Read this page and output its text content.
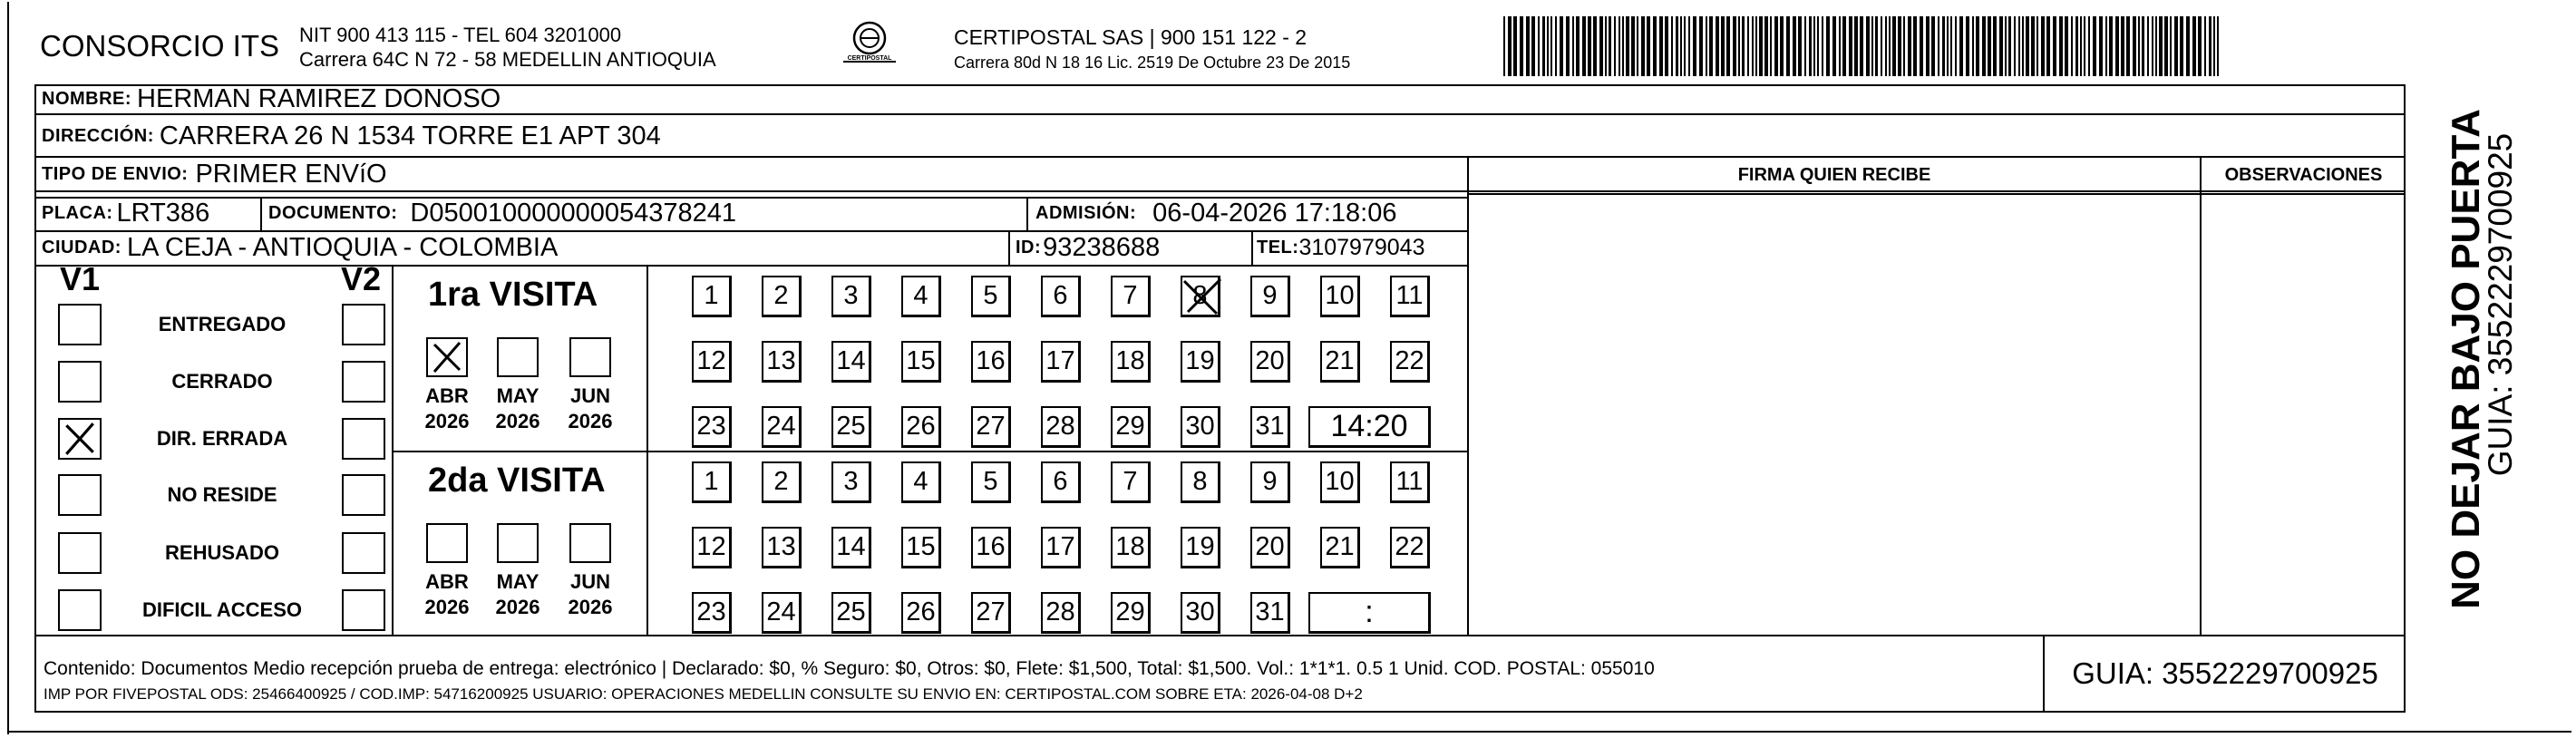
CONSORCIO ITS NIT 900 413 115 - TEL 604 3201000
Carrera 64C N 72 - 58 MEDELLIN ANTIOQUIA	CERTIPOSTAL
CERTIPOSTAL SAS | 900 151 122 - 2
Carrera 80d N 18 16 Lic. 2519 De Octubre 23 De 2015
NOMBRE: HERMAN RAMIREZ DONOSO
DIRECCIÓN: CARRERA 26 N 1534 TORRE E1 APT 304
TIPO DE ENVIO: PRIMER ENVíO	FIRMA QUIEN RECIBE	OBSERVACIONES
PLACA: LRT386	DOCUMENTO: D050010000000054378241	ADMISIÓN: 06-04-2026 17:18:06
CIUDAD: LA CEJA - ANTIOQUIA - COLOMBIA	ID: 93238688	TEL: 3107979043
V1	V2
ENTREGADO
CERRADO
DIR. ERRADA
NO RESIDE
REHUSADO
DIFICIL ACCESO
1ra VISITA
ABR
2026
MAY
2026
JUN
2026
1 2 3 4 5 6 7 8 9 10 11
12 13 14 15 16 17 18 19 20 21 22
23 24 25 26 27 28 29 30 31	14:20
2da VISITA
ABR
2026
MAY
2026
JUN
2026
1 2 3 4 5 6 7 8 9 10 11
12 13 14 15 16 17 18 19 20 21 22
23 24 25 26 27 28 29 30 31	:
Contenido: Documentos Medio recepción prueba de entrega: electrónico | Declarado: $0, % Seguro: $0, Otros: $0, Flete: $1,500, Total: $1,500. Vol.: 1*1*1. 0.5 1 Unid. COD. POSTAL: 055010
IMP POR FIVEPOSTAL ODS: 25466400925 / COD.IMP: 54716200925 USUARIO: OPERACIONES MEDELLIN CONSULTE SU ENVIO EN: CERTIPOSTAL.COM SOBRE ETA: 2026-04-08 D+2
GUIA: 3552229700925
NO DEJAR BAJO PUERTA
GUIA: 3552229700925
